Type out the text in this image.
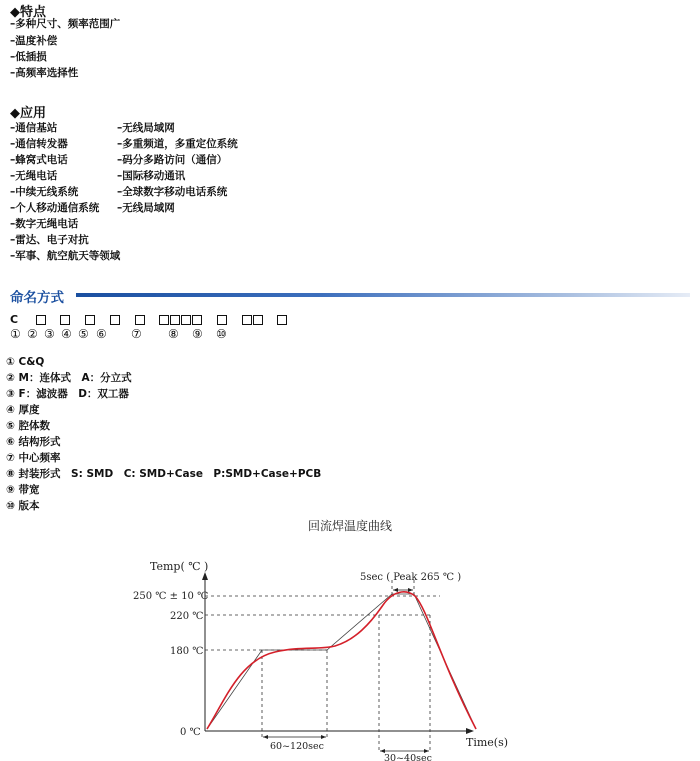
◆特点
–多种尺寸、频率范围广
–温度补偿
–低插损
–高频率选择性
◆应用
–通信基站
–通信转发器
–蜂窝式电话
–无绳电话
–中续无线系统
–个人移动通信系统
–数字无绳电话
–雷达、电子对抗
–军事、航空航天等领域
–无线局域网
–多重频道，多重定位系统
–码分多路访问（通信）
–国际移动通讯
–全球数字移动电话系统
–无线局域网
命名方式
C
① ② ③ ④ ⑤ ⑥ ⑦ ⑧ ⑨ ⑩
① C&Q
② M：连体式　A：分立式
③ F：滤波器　D：双工器
④ 厚度
⑤ 腔体数
⑥ 结构形式
⑦ 中心频率
⑧ 封装形式　S: SMD　C: SMD+Case　P:SMD+Case+PCB
⑨ 带宽
⑩ 版本
回流焊温度曲线
Temp( ℃ )
Time(s)
250 ℃ ± 10 ℃
220 ℃
180 ℃
0 ℃
60~120sec
30~40sec
5sec ( Peak 265 ℃ )
